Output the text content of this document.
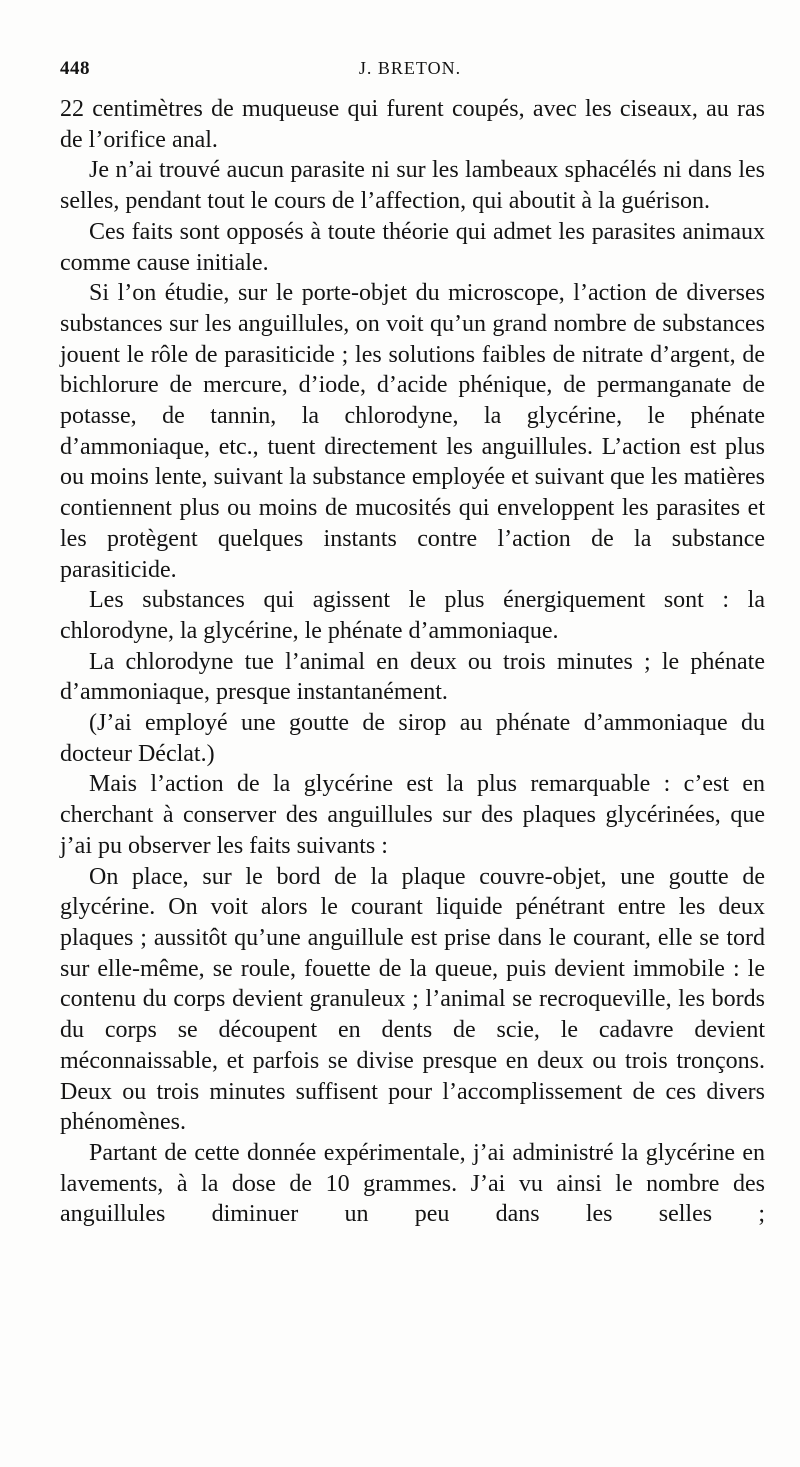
448	J. BRETON.

22 centimètres de muqueuse qui furent coupés, avec les ciseaux, au ras de l’orifice anal.

Je n’ai trouvé aucun parasite ni sur les lambeaux sphacélés ni dans les selles, pendant tout le cours de l’affection, qui aboutit à la guérison.

Ces faits sont opposés à toute théorie qui admet les parasites animaux comme cause initiale.

Si l’on étudie, sur le porte-objet du microscope, l’action de diverses substances sur les anguillules, on voit qu’un grand nombre de substances jouent le rôle de parasiticide ; les solutions faibles de nitrate d’argent, de bichlorure de mercure, d’iode, d’acide phénique, de permanganate de potasse, de tannin, la chlorodyne, la glycérine, le phénate d’ammoniaque, etc., tuent directement les anguillules. L’action est plus ou moins lente, suivant la substance employée et suivant que les matières contiennent plus ou moins de mucosités qui enveloppent les parasites et les protègent quelques instants contre l’action de la substance parasiticide.

Les substances qui agissent le plus énergiquement sont : la chlorodyne, la glycérine, le phénate d’ammoniaque.

La chlorodyne tue l’animal en deux ou trois minutes ; le phénate d’ammoniaque, presque instantanément.

(J’ai employé une goutte de sirop au phénate d’ammoniaque du docteur Déclat.)

Mais l’action de la glycérine est la plus remarquable : c’est en cherchant à conserver des anguillules sur des plaques glycérinées, que j’ai pu observer les faits suivants :

On place, sur le bord de la plaque couvre-objet, une goutte de glycérine. On voit alors le courant liquide pénétrant entre les deux plaques ; aussitôt qu’une anguillule est prise dans le courant, elle se tord sur elle-même, se roule, fouette de la queue, puis devient immobile : le contenu du corps devient granuleux ; l’animal se recroqueville, les bords du corps se découpent en dents de scie, le cadavre devient méconnaissable, et parfois se divise presque en deux ou trois tronçons. Deux ou trois minutes suffisent pour l’accomplissement de ces divers phénomènes.

Partant de cette donnée expérimentale, j’ai administré la glycérine en lavements, à la dose de 10 grammes. J’ai vu ainsi le nombre des anguillules diminuer un peu dans les selles ;
